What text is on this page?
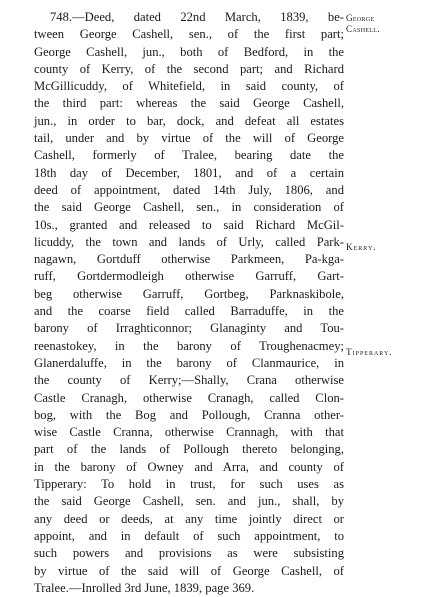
748.—Deed, dated 22nd March, 1839, be-
tween George Cashell, sen., of the first part;
George Cashell, jun., both of Bedford, in the
county of Kerry, of the second part; and Richard
McGillicuddy, of Whitefield, in said county, of
the third part: whereas the said George Cashell,
jun., in order to bar, dock, and defeat all estates
tail, under and by virtue of the will of George
Cashell, formerly of Tralee, bearing date the
18th day of December, 1801, and of a certain
deed of appointment, dated 14th July, 1806, and
the said George Cashell, sen., in consideration of
10s., granted and released to said Richard McGil-
licuddy, the town and lands of Urly, called Park-
nagawn, Gortduff otherwise Parkmeen, Pa-kga-
ruff, Gortdermodleigh otherwise Garruff, Gart-
beg otherwise Garruff, Gortbeg, Parknaskibole,
and the coarse field called Barraduffe, in the
barony of Irraghticonnor; Glanaginty and Tou-
reenastokey, in the barony of Troughenacmey;
Glanerdaluffe, in the barony of Clanmaurice, in
the county of Kerry;—Shally, Crana otherwise
Castle Cranagh, otherwise Cranagh, called Clon-
bog, with the Bog and Pollough, Cranna other-
wise Castle Cranna, otherwise Crannagh, with that
part of the lands of Pollough thereto belonging,
in the barony of Owney and Arra, and county of
Tipperary: To hold in trust, for such uses as
the said George Cashell, sen. and jun., shall, by
any deed or deeds, at any time jointly direct or
appoint, and in default of such appointment, to
such powers and provisions as were subsisting
by virtue of the said will of George Cashell, of
Tralee.—Inrolled 3rd June, 1839, page 369.
George
Cashell.
Kerry.
Tipperary.
